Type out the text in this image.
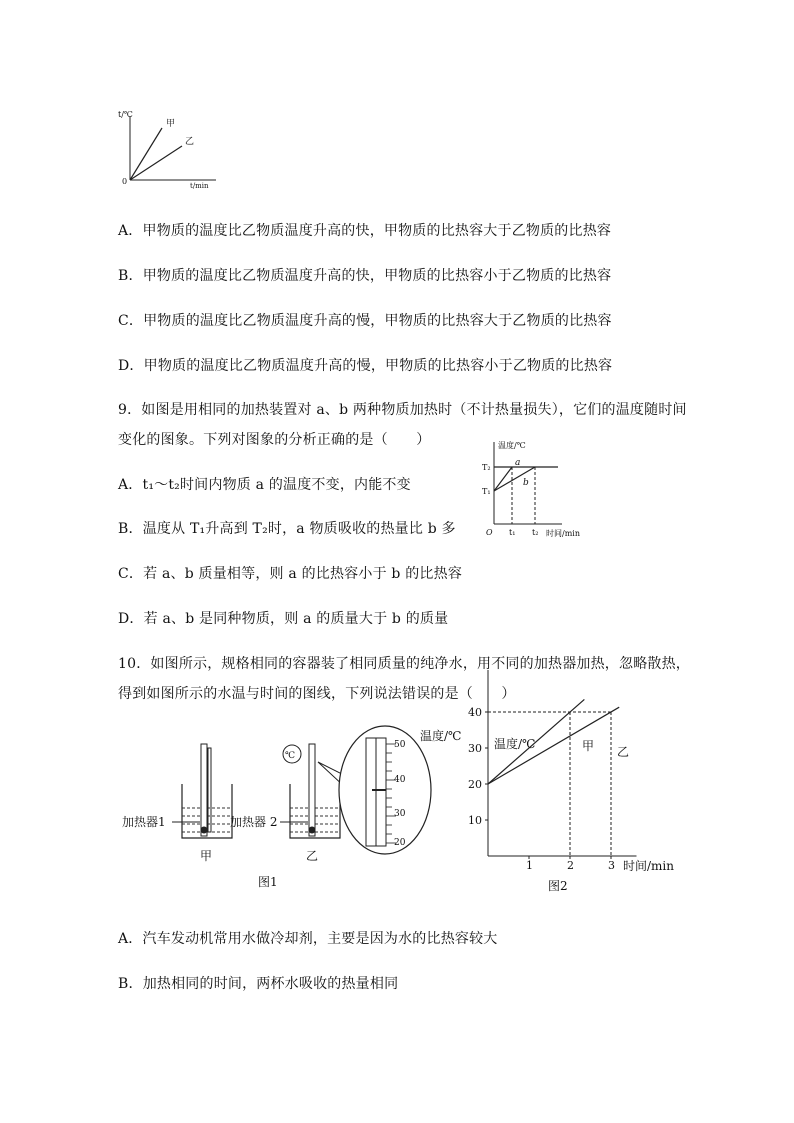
t/℃
t/min
0
甲
乙
A．甲物质的温度比乙物质温度升高的快，甲物质的比热容大于乙物质的比热容
B．甲物质的温度比乙物质温度升高的快，甲物质的比热容小于乙物质的比热容
C．甲物质的温度比乙物质温度升高的慢，甲物质的比热容大于乙物质的比热容
D．甲物质的温度比乙物质温度升高的慢，甲物质的比热容小于乙物质的比热容
9．如图是用相同的加热装置对 a、b 两种物质加热时（不计热量损失），它们的温度随时间
变化的图象。下列对图象的分析正确的是（　　）
A．t₁～t₂时间内物质 a 的温度不变，内能不变
B．温度从 T₁升高到 T₂时，a 物质吸收的热量比 b 多
C．若 a、b 质量相等，则 a 的比热容小于 b 的比热容
D．若 a、b 是同种物质，则 a 的质量大于 b 的质量
温度/℃
T₂
T₁
a
b
O t₁ t₂ 时间/min
10．如图所示，规格相同的容器装了相同质量的纯净水，用不同的加热器加热，忽略散热，
得到如图所示的水温与时间的图线，下列说法错误的是（　　）
加热器1
甲
℃
加热器 2
乙
图1
50
40
30
20
温度/℃
40
30
20
10
1	2	3
温度/℃
时间/min
甲 乙
图2
A．汽车发动机常用水做冷却剂，主要是因为水的比热容较大
B．加热相同的时间，两杯水吸收的热量相同
